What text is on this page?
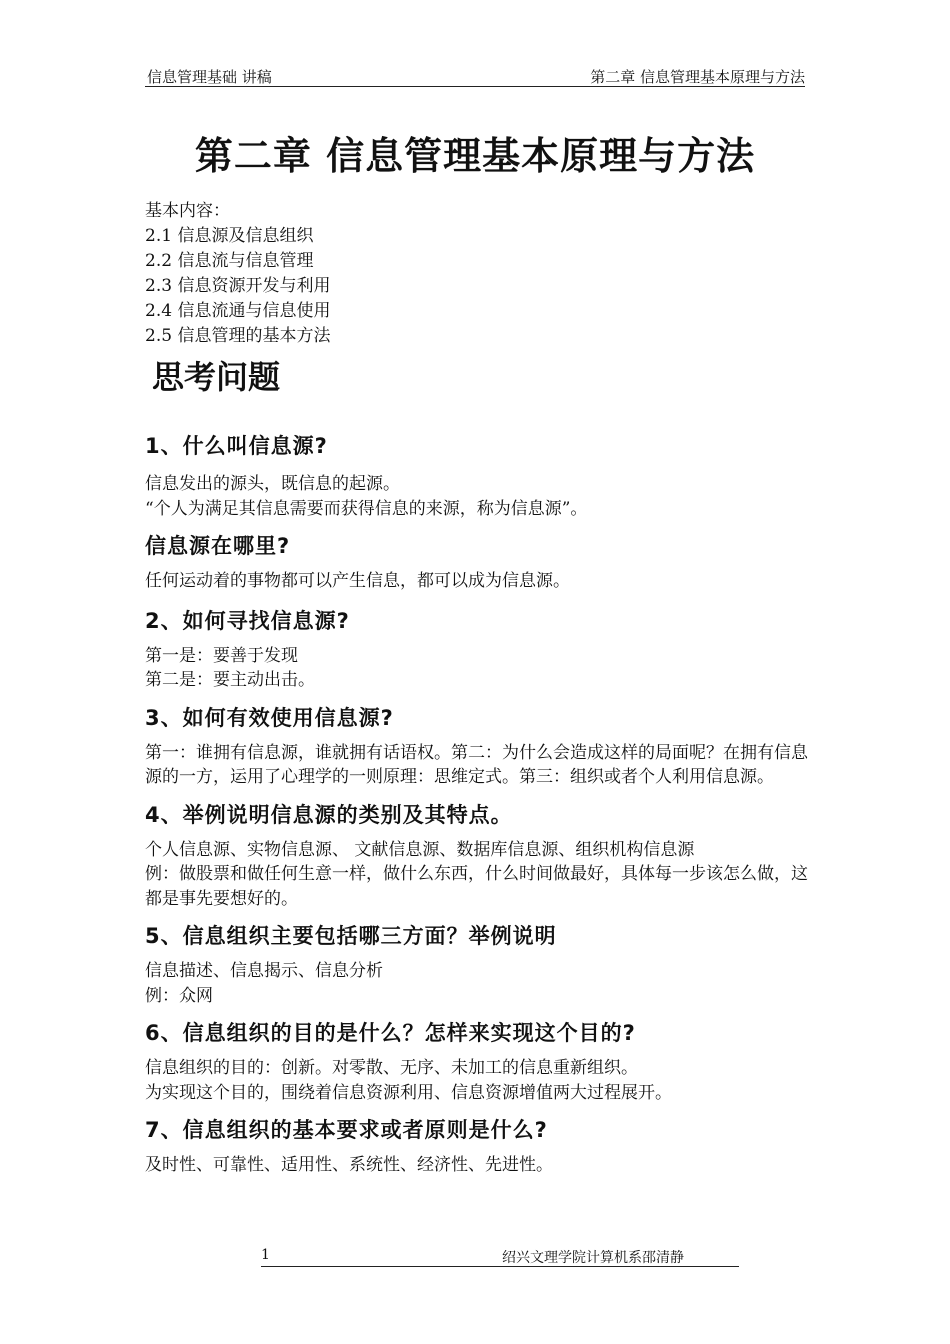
信息管理基础 讲稿	第二章 信息管理基本原理与方法
第二章 信息管理基本原理与方法
基本内容：
2.1 信息源及信息组织
2.2 信息流与信息管理
2.3 信息资源开发与利用
2.4 信息流通与信息使用
2.5 信息管理的基本方法
思考问题
1、什么叫信息源?

信息发出的源头，既信息的起源。

“个人为满足其信息需要而获得信息的来源，称为信息源”。

信息源在哪里?

任何运动着的事物都可以产生信息，都可以成为信息源。

2、如何寻找信息源?

第一是：要善于发现

第二是：要主动出击。

3、如何有效使用信息源?

第一：谁拥有信息源，谁就拥有话语权。第二：为什么会造成这样的局面呢？在拥有信息源的一方，运用了心理学的一则原理：思维定式。第三：组织或者个人利用信息源。

4、举例说明信息源的类别及其特点。

个人信息源、实物信息源、 文献信息源、数据库信息源、组织机构信息源

例：做股票和做任何生意一样，做什么东西，什么时间做最好，具体每一步该怎么做，这都是事先要想好的。

5、信息组织主要包括哪三方面？举例说明

信息描述、信息揭示、信息分析

例：众网

6、信息组织的目的是什么？怎样来实现这个目的?

信息组织的目的：创新。对零散、无序、未加工的信息重新组织。

为实现这个目的，围绕着信息资源利用、信息资源增值两大过程展开。

7、信息组织的基本要求或者原则是什么?

及时性、可靠性、适用性、系统性、经济性、先进性。

1	绍兴文理学院计算机系邵清静
